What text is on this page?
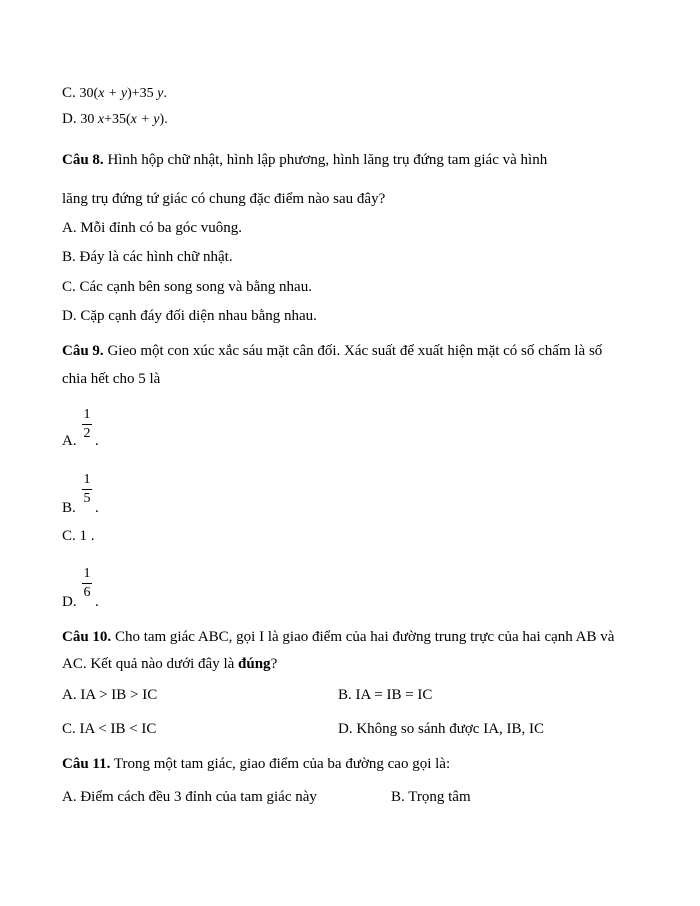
C. 30(x + y)+35 y.
D. 30 x+35(x + y).
Câu 8. Hình hộp chữ nhật, hình lập phương, hình lăng trụ đứng tam giác và hình
lăng trụ đứng tứ giác có chung đặc điểm nào sau đây?
A. Mỗi đỉnh có ba góc vuông.
B. Đáy là các hình chữ nhật.
C. Các cạnh bên song song và bằng nhau.
D. Cặp cạnh đáy đối diện nhau bằng nhau.
Câu 9. Gieo một con xúc xắc sáu mặt cân đối. Xác suất để xuất hiện mặt có số chấm là số
chia hết cho 5 là
A.
1
2 .
B.
1
5
.
C. 1 .
D.
1
6
.
Câu 10. Cho tam giác ABC, gọi I là giao điểm của hai đường trung trực của hai cạnh AB và
AC. Kết quả nào dưới đây là đúng?
A. IA > IB > IC	B. IA = IB = IC
C. IA < IB < IC	D. Không so sánh được IA, IB, IC
Câu 11. Trong một tam giác, giao điểm của ba đường cao gọi là:
A. Điểm cách đều 3 đỉnh của tam giác này	B. Trọng tâm
